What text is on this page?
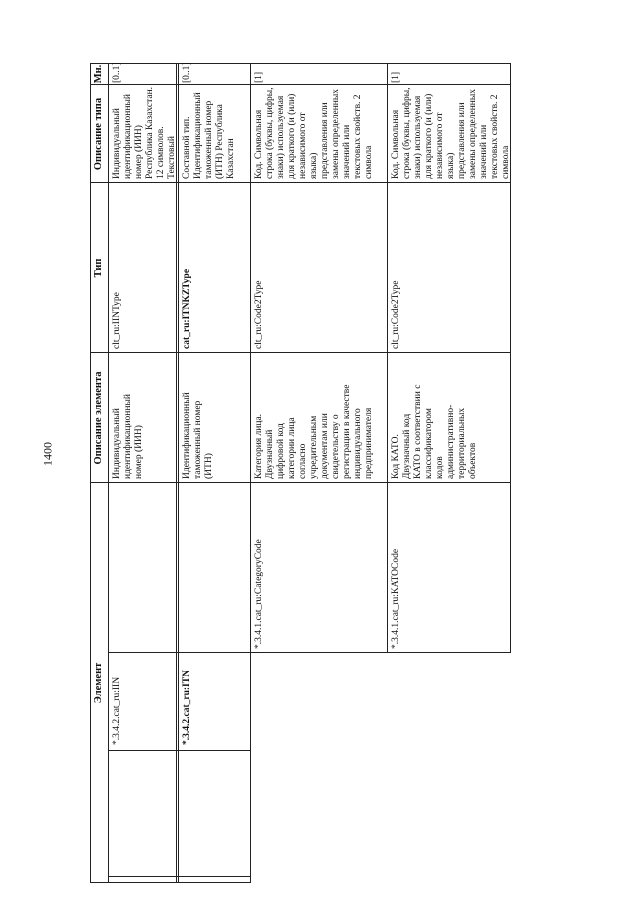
1400
Элемент
Описание элемента
Тип
Описание типа
Мн.
*.3.4.2.cat_ru:IIN
Индивидуальный
идентификационный
номер (ИИН)
clt_ru:IINType
Индивидуальный
идентификационный
номер (ИИН)
Республика Казахстан.
12 символов.
Текстовый
[0..1]
*.3.4.2.cat_ru:ITN
Идентификационный
таможенный номер
(ИТН)
cat_ru:ITNKZType
Составной тип.
Идентификационный
таможенный номер
(ИТН) Республика
Казахстан
[0..1]
*.3.4.1.cat_ru:CategoryCode
Категория лица.
Двузначный
цифровой код
категории лица
согласно
учредительным
документам или
свидетельству о
регистрации в качестве
индивидуального
предпринимателя
clt_ru:Code2Type
Код. Символьная
строка (буквы, цифры,
знаки) используемая
для краткого (и (или)
независимого от языка)
представления или
замены определенных
значений или
текстовых свойств. 2
символа
[1]
*.3.4.1.cat_ru:KATOCode
Код КАТО.
Двузначный код
КАТО в соответствии с
классификатором
кодов
административно-
территориальных
объектов
clt_ru:Code2Type
Код. Символьная
строка (буквы, цифры,
знаки) используемая
для краткого (и (или)
независимого от языка)
представления или
замены определенных
значений или
текстовых свойств. 2
символа
[1]
